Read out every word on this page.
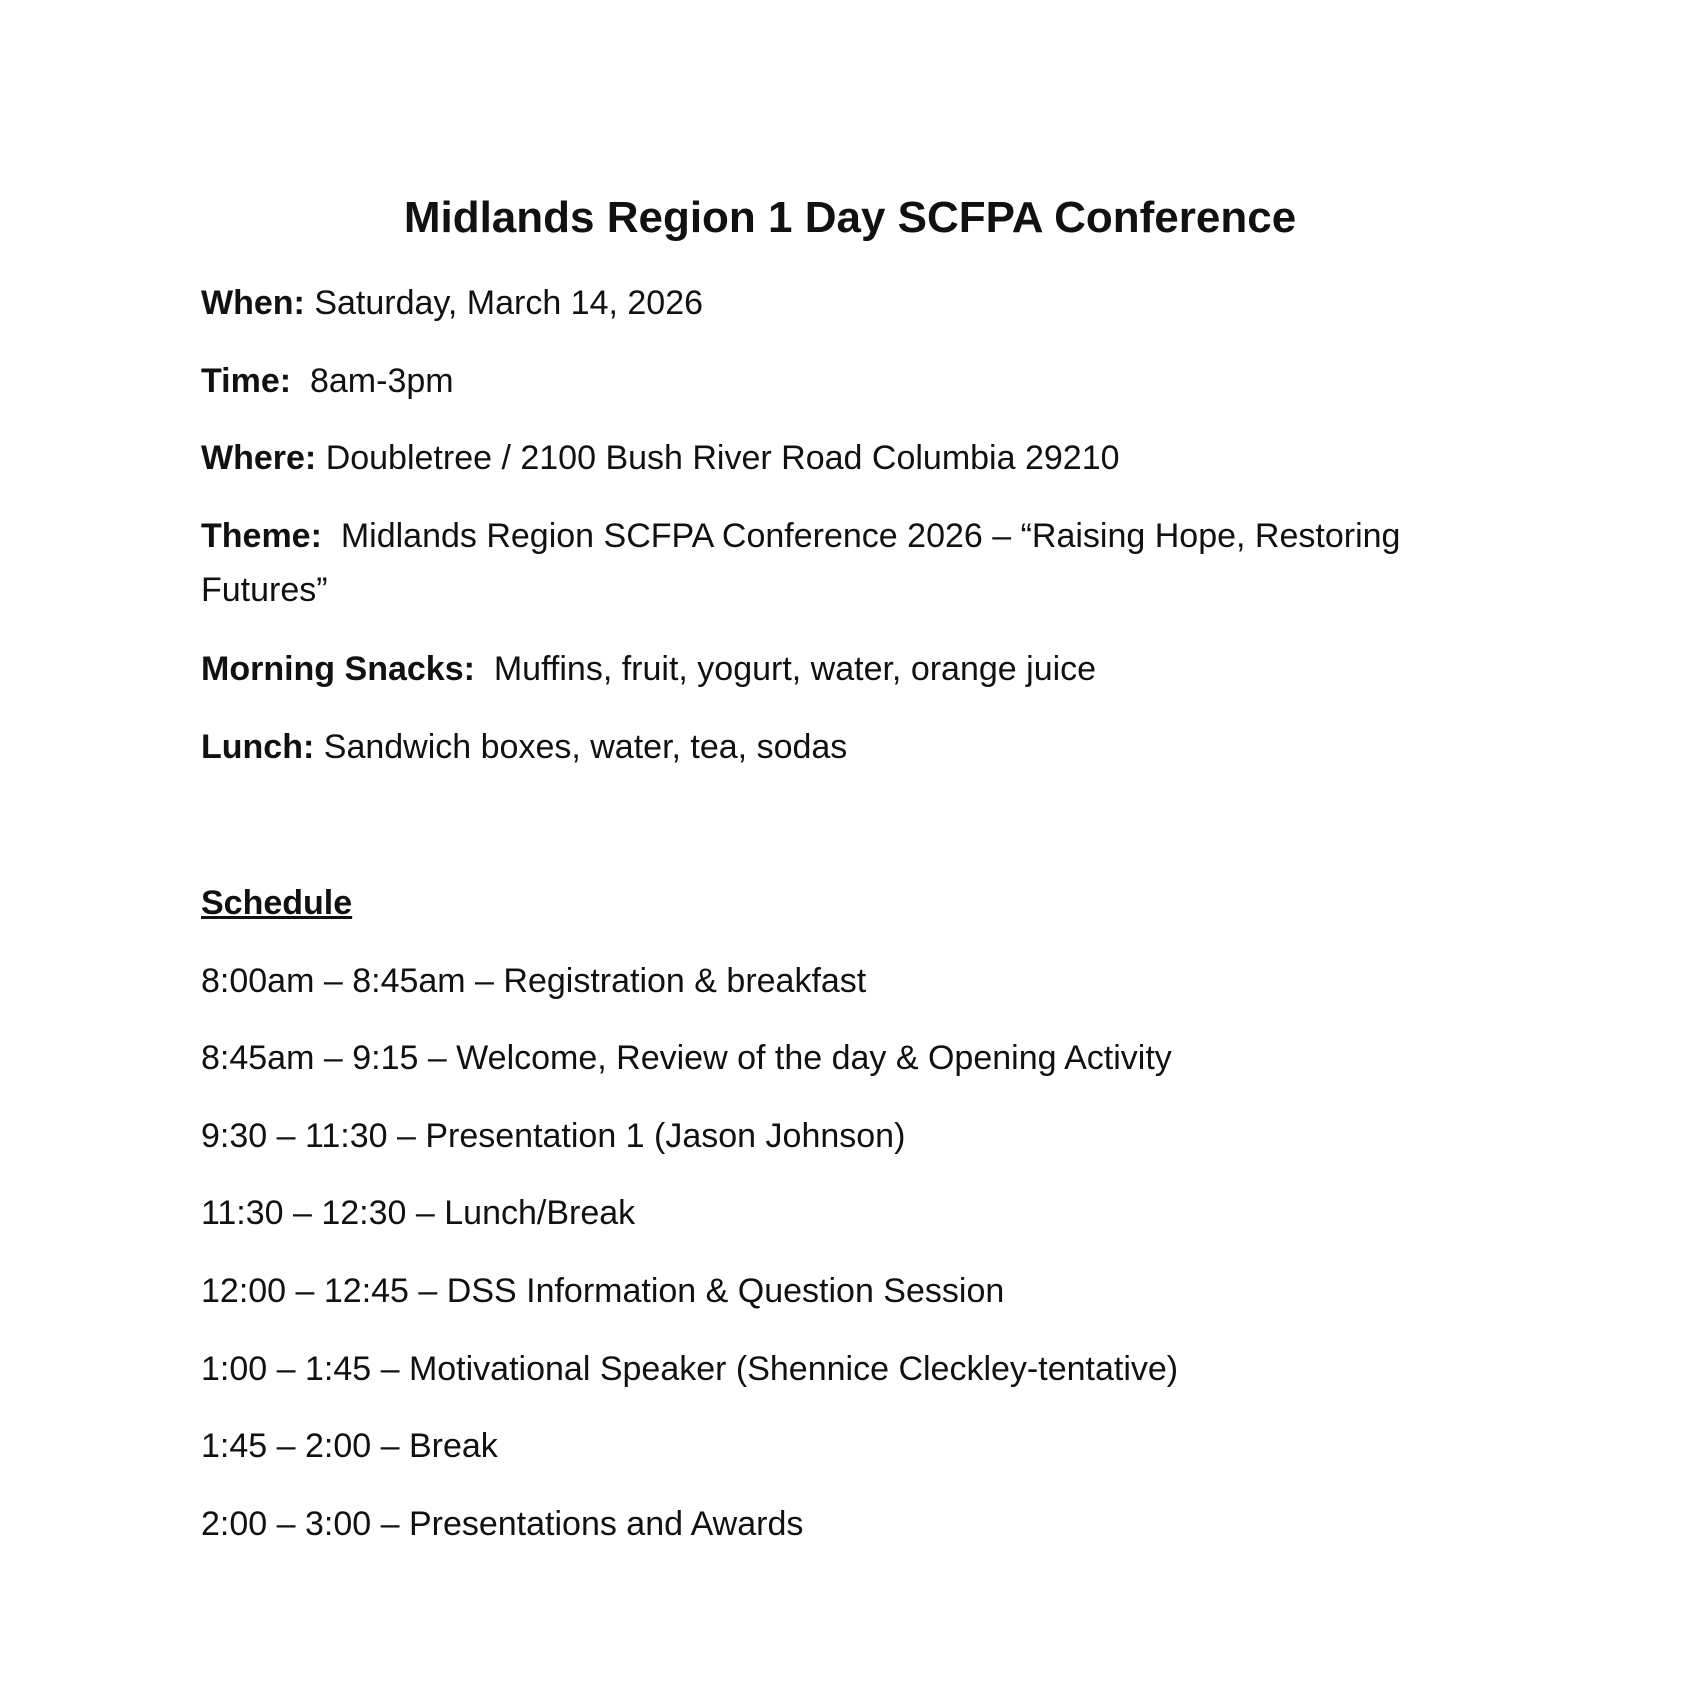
Midlands Region 1 Day SCFPA Conference
When: Saturday, March 14, 2026
Time: 8am-3pm
Where: Doubletree / 2100 Bush River Road Columbia 29210
Theme: Midlands Region SCFPA Conference 2026 – “Raising Hope, Restoring Futures”
Morning Snacks: Muffins, fruit, yogurt, water, orange juice
Lunch: Sandwich boxes, water, tea, sodas
Schedule
8:00am – 8:45am – Registration & breakfast
8:45am – 9:15 – Welcome, Review of the day & Opening Activity
9:30 – 11:30 – Presentation 1 (Jason Johnson)
11:30 – 12:30 – Lunch/Break
12:00 – 12:45 – DSS Information & Question Session
1:00 – 1:45 – Motivational Speaker (Shennice Cleckley-tentative)
1:45 – 2:00 – Break
2:00 – 3:00 – Presentations and Awards
